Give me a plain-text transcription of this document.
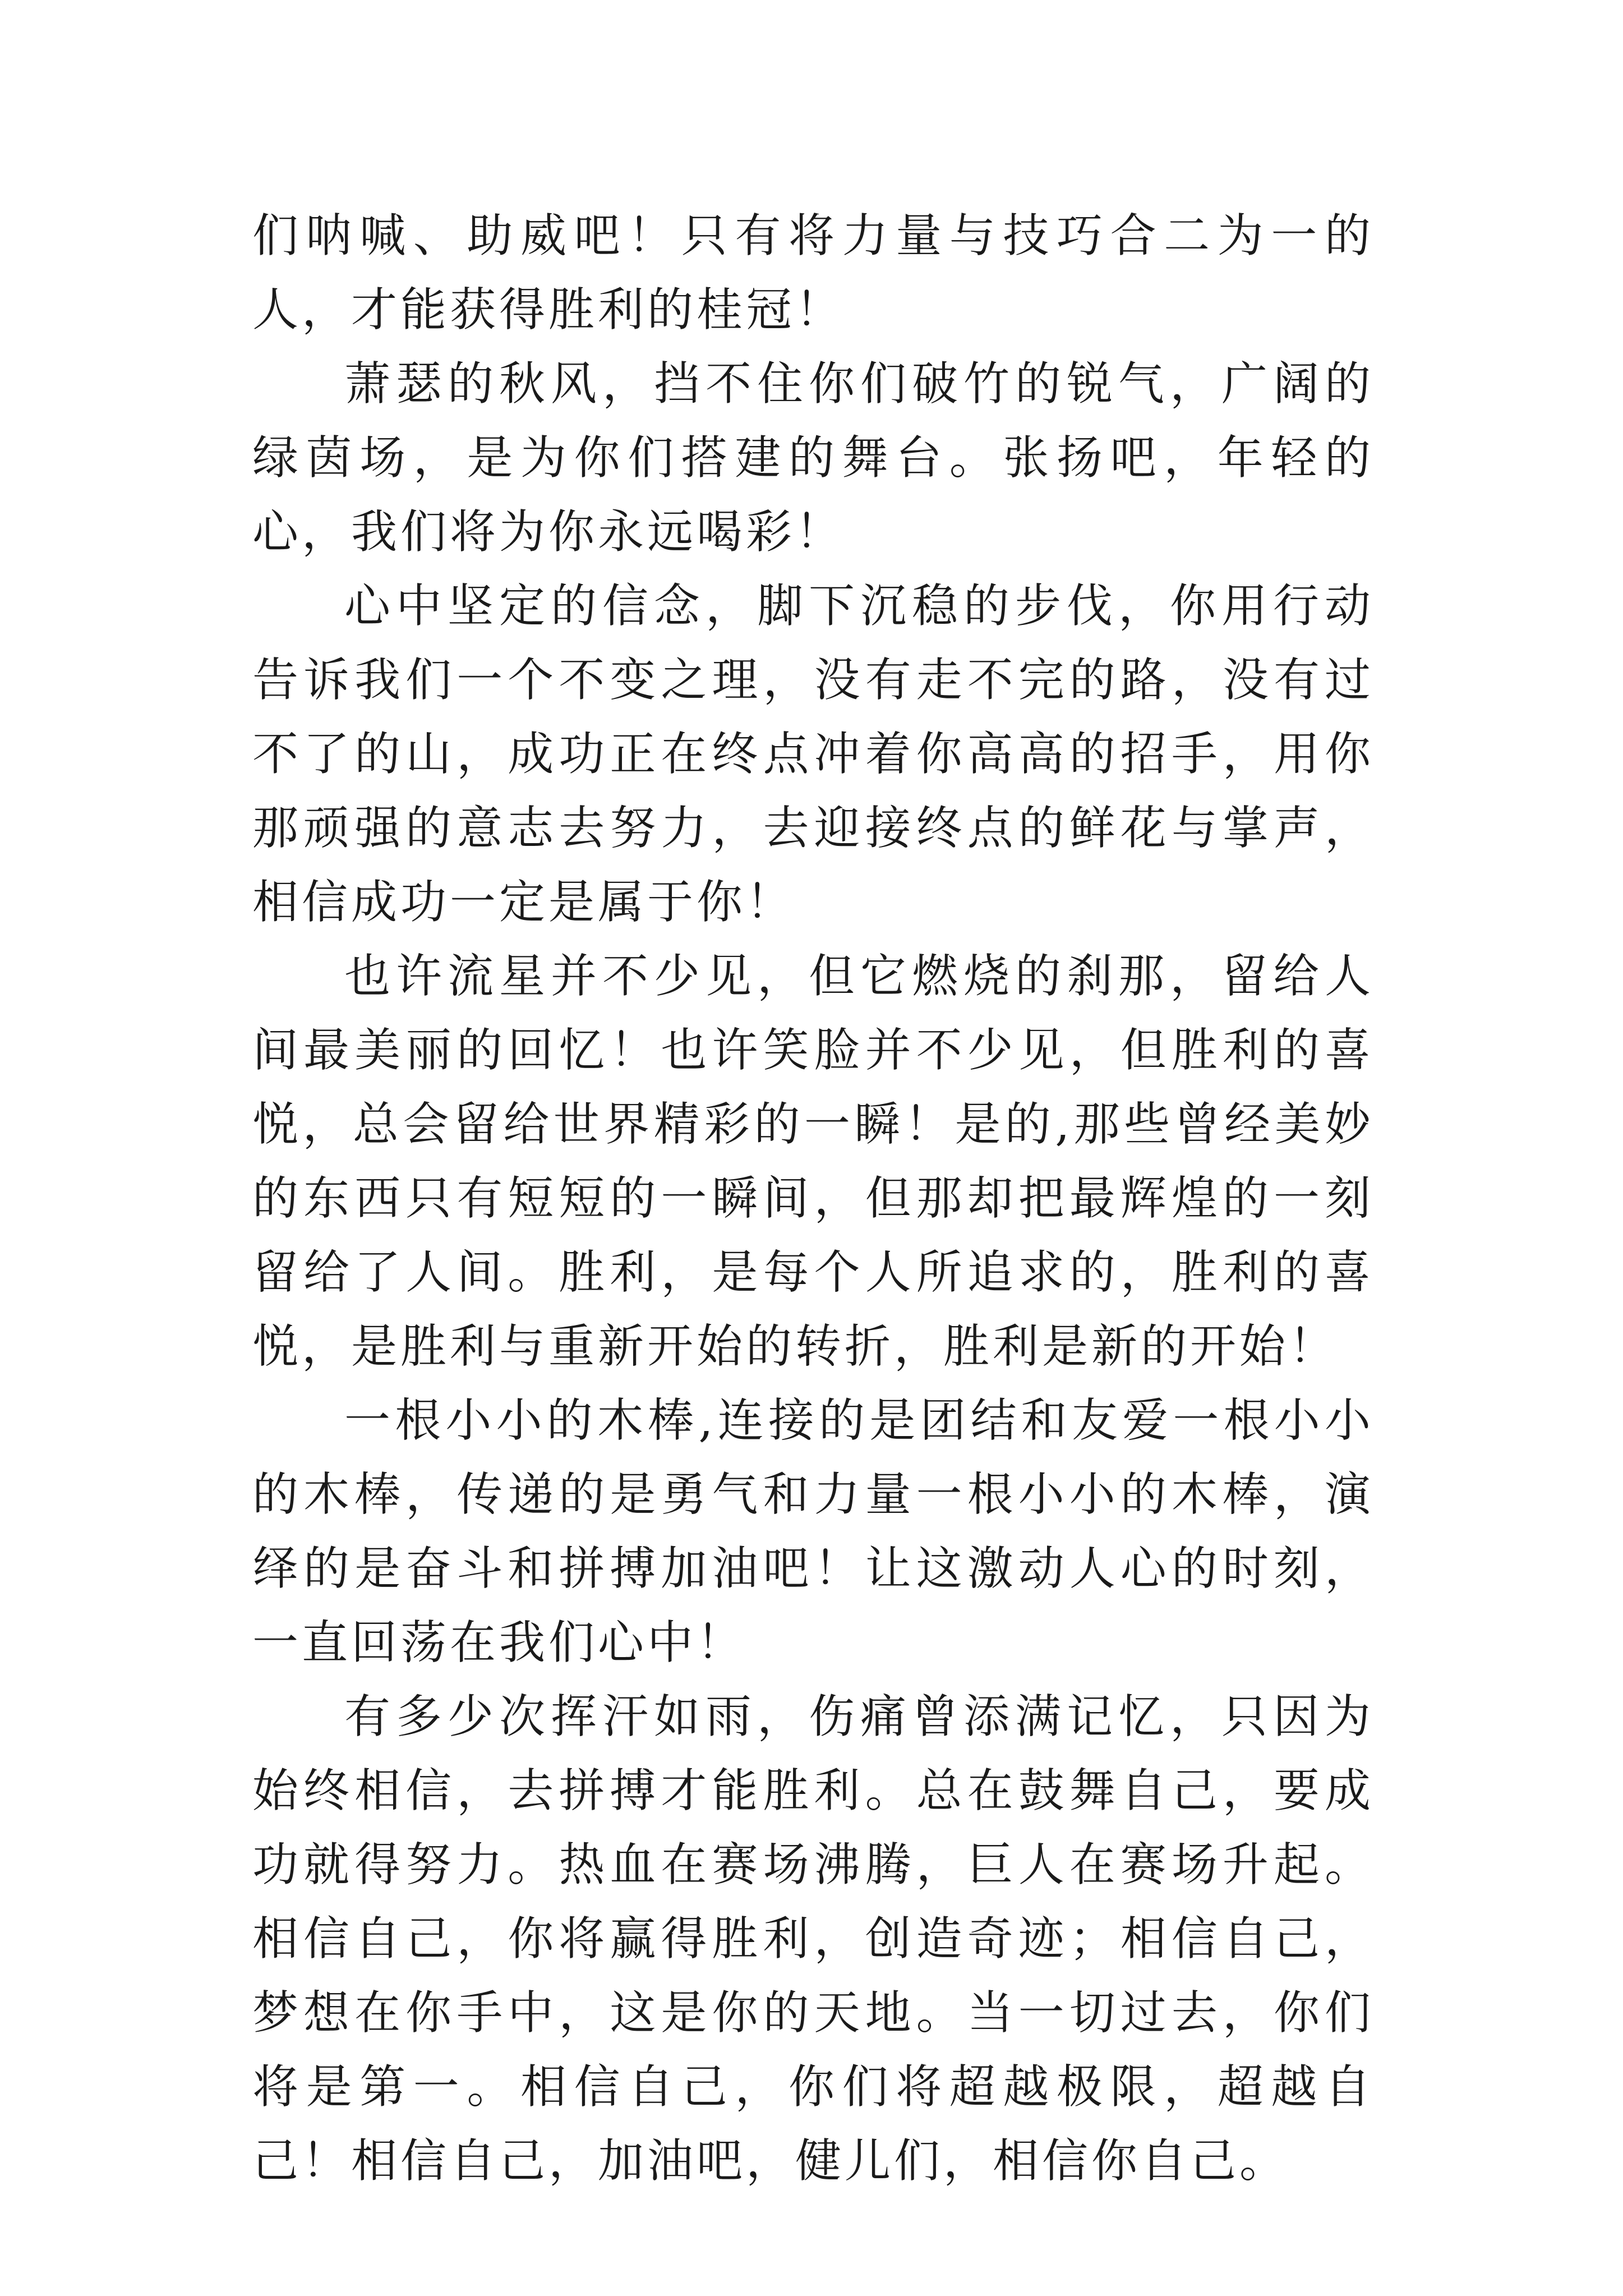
们呐喊、助威吧！只有将力量与技巧合二为一的人，才能获得胜利的桂冠！

萧瑟的秋风，挡不住你们破竹的锐气，广阔的绿茵场，是为你们搭建的舞台。张扬吧，年轻的心，我们将为你永远喝彩！

心中坚定的信念，脚下沉稳的步伐，你用行动告诉我们一个不变之理，没有走不完的路，没有过不了的山，成功正在终点冲着你高高的招手，用你那顽强的意志去努力，去迎接终点的鲜花与掌声，相信成功一定是属于你！

也许流星并不少见，但它燃烧的刹那，留给人间最美丽的回忆！也许笑脸并不少见，但胜利的喜悦，总会留给世界精彩的一瞬！是的,那些曾经美妙的东西只有短短的一瞬间，但那却把最辉煌的一刻留给了人间。胜利，是每个人所追求的，胜利的喜悦，是胜利与重新开始的转折，胜利是新的开始！

一根小小的木棒,连接的是团结和友爱一根小小的木棒，传递的是勇气和力量一根小小的木棒，演绎的是奋斗和拼搏加油吧！让这激动人心的时刻，一直回荡在我们心中！

有多少次挥汗如雨，伤痛曾添满记忆，只因为始终相信，去拼搏才能胜利。总在鼓舞自己，要成功就得努力。热血在赛场沸腾，巨人在赛场升起。相信自己，你将赢得胜利，创造奇迹；相信自己，梦想在你手中，这是你的天地。当一切过去，你们将是第一。相信自己，你们将超越极限，超越自己！相信自己，加油吧，健儿们，相信你自己。
